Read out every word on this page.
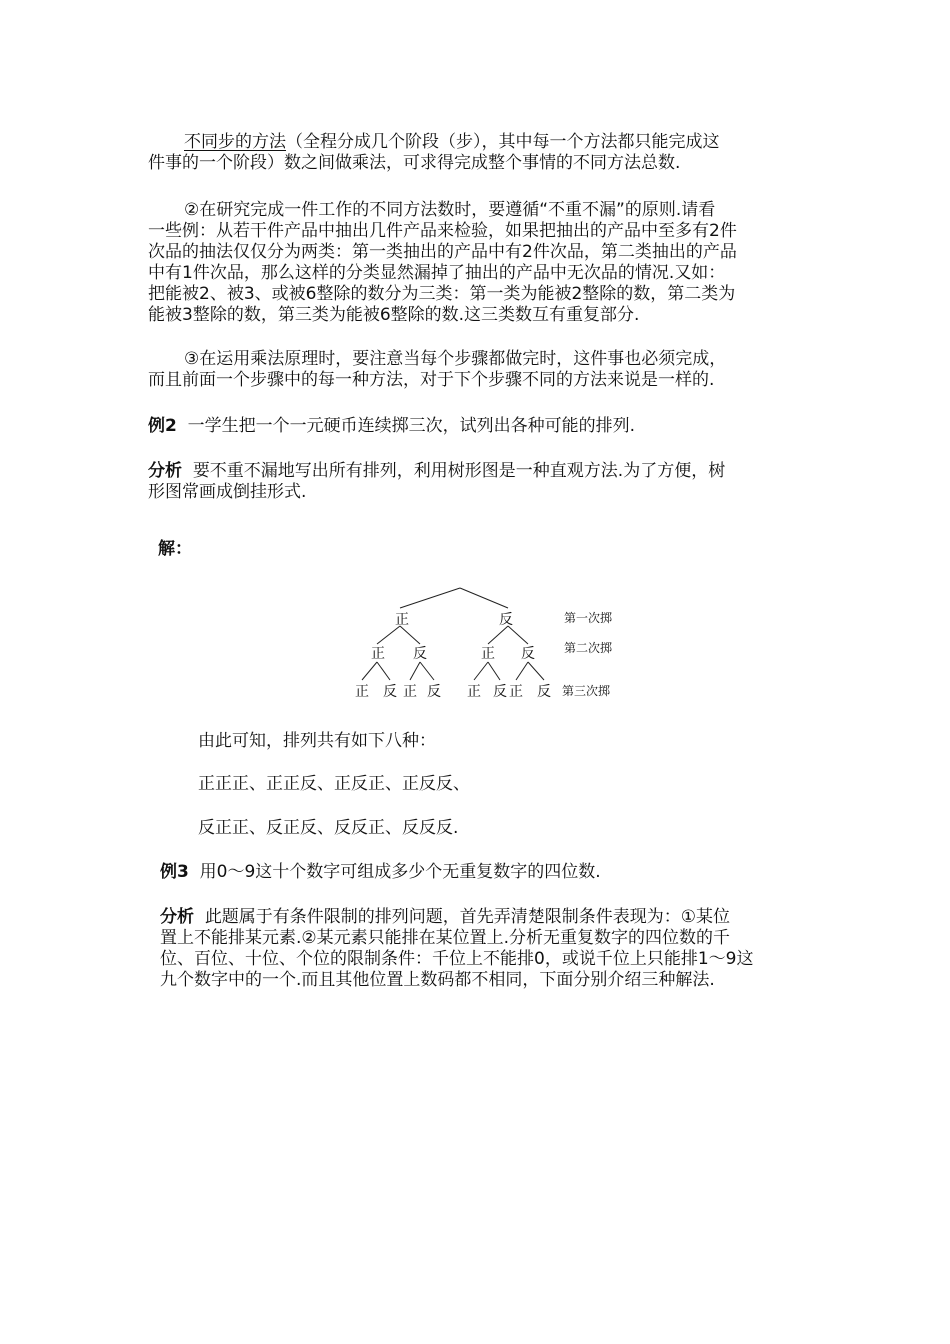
不同步的方法（全程分成几个阶段（步），其中每一个方法都只能完成这
件事的一个阶段）数之间做乘法，可求得完成整个事情的不同方法总数.
②在研究完成一件工作的不同方法数时，要遵循“不重不漏”的原则.请看
一些例：从若干件产品中抽出几件产品来检验，如果把抽出的产品中至多有2件
次品的抽法仅仅分为两类：第一类抽出的产品中有2件次品，第二类抽出的产品
中有1件次品，那么这样的分类显然漏掉了抽出的产品中无次品的情况.又如：
把能被2、被3、或被6整除的数分为三类：第一类为能被2整除的数，第二类为
能被3整除的数，第三类为能被6整除的数.这三类数互有重复部分.
③在运用乘法原理时，要注意当每个步骤都做完时，这件事也必须完成，
而且前面一个步骤中的每一种方法，对于下个步骤不同的方法来说是一样的.
例2 一学生把一个一元硬币连续掷三次，试列出各种可能的排列.
分析 要不重不漏地写出所有排列，利用树形图是一种直观方法.为了方便，树
形图常画成倒挂形式.
解：
正	反
正 反	正 反
正 反 正 反 正 反 正 反
第一次掷
第二次掷
第三次掷
由此可知，排列共有如下八种：
正正正、正正反、正反正、正反反、
反正正、反正反、反反正、反反反.
例3 用0～9这十个数字可组成多少个无重复数字的四位数.
分析 此题属于有条件限制的排列问题，首先弄清楚限制条件表现为：①某位
置上不能排某元素.②某元素只能排在某位置上.分析无重复数字的四位数的千
位、百位、十位、个位的限制条件：千位上不能排0，或说千位上只能排1～9这
九个数字中的一个.而且其他位置上数码都不相同，下面分别介绍三种解法.
